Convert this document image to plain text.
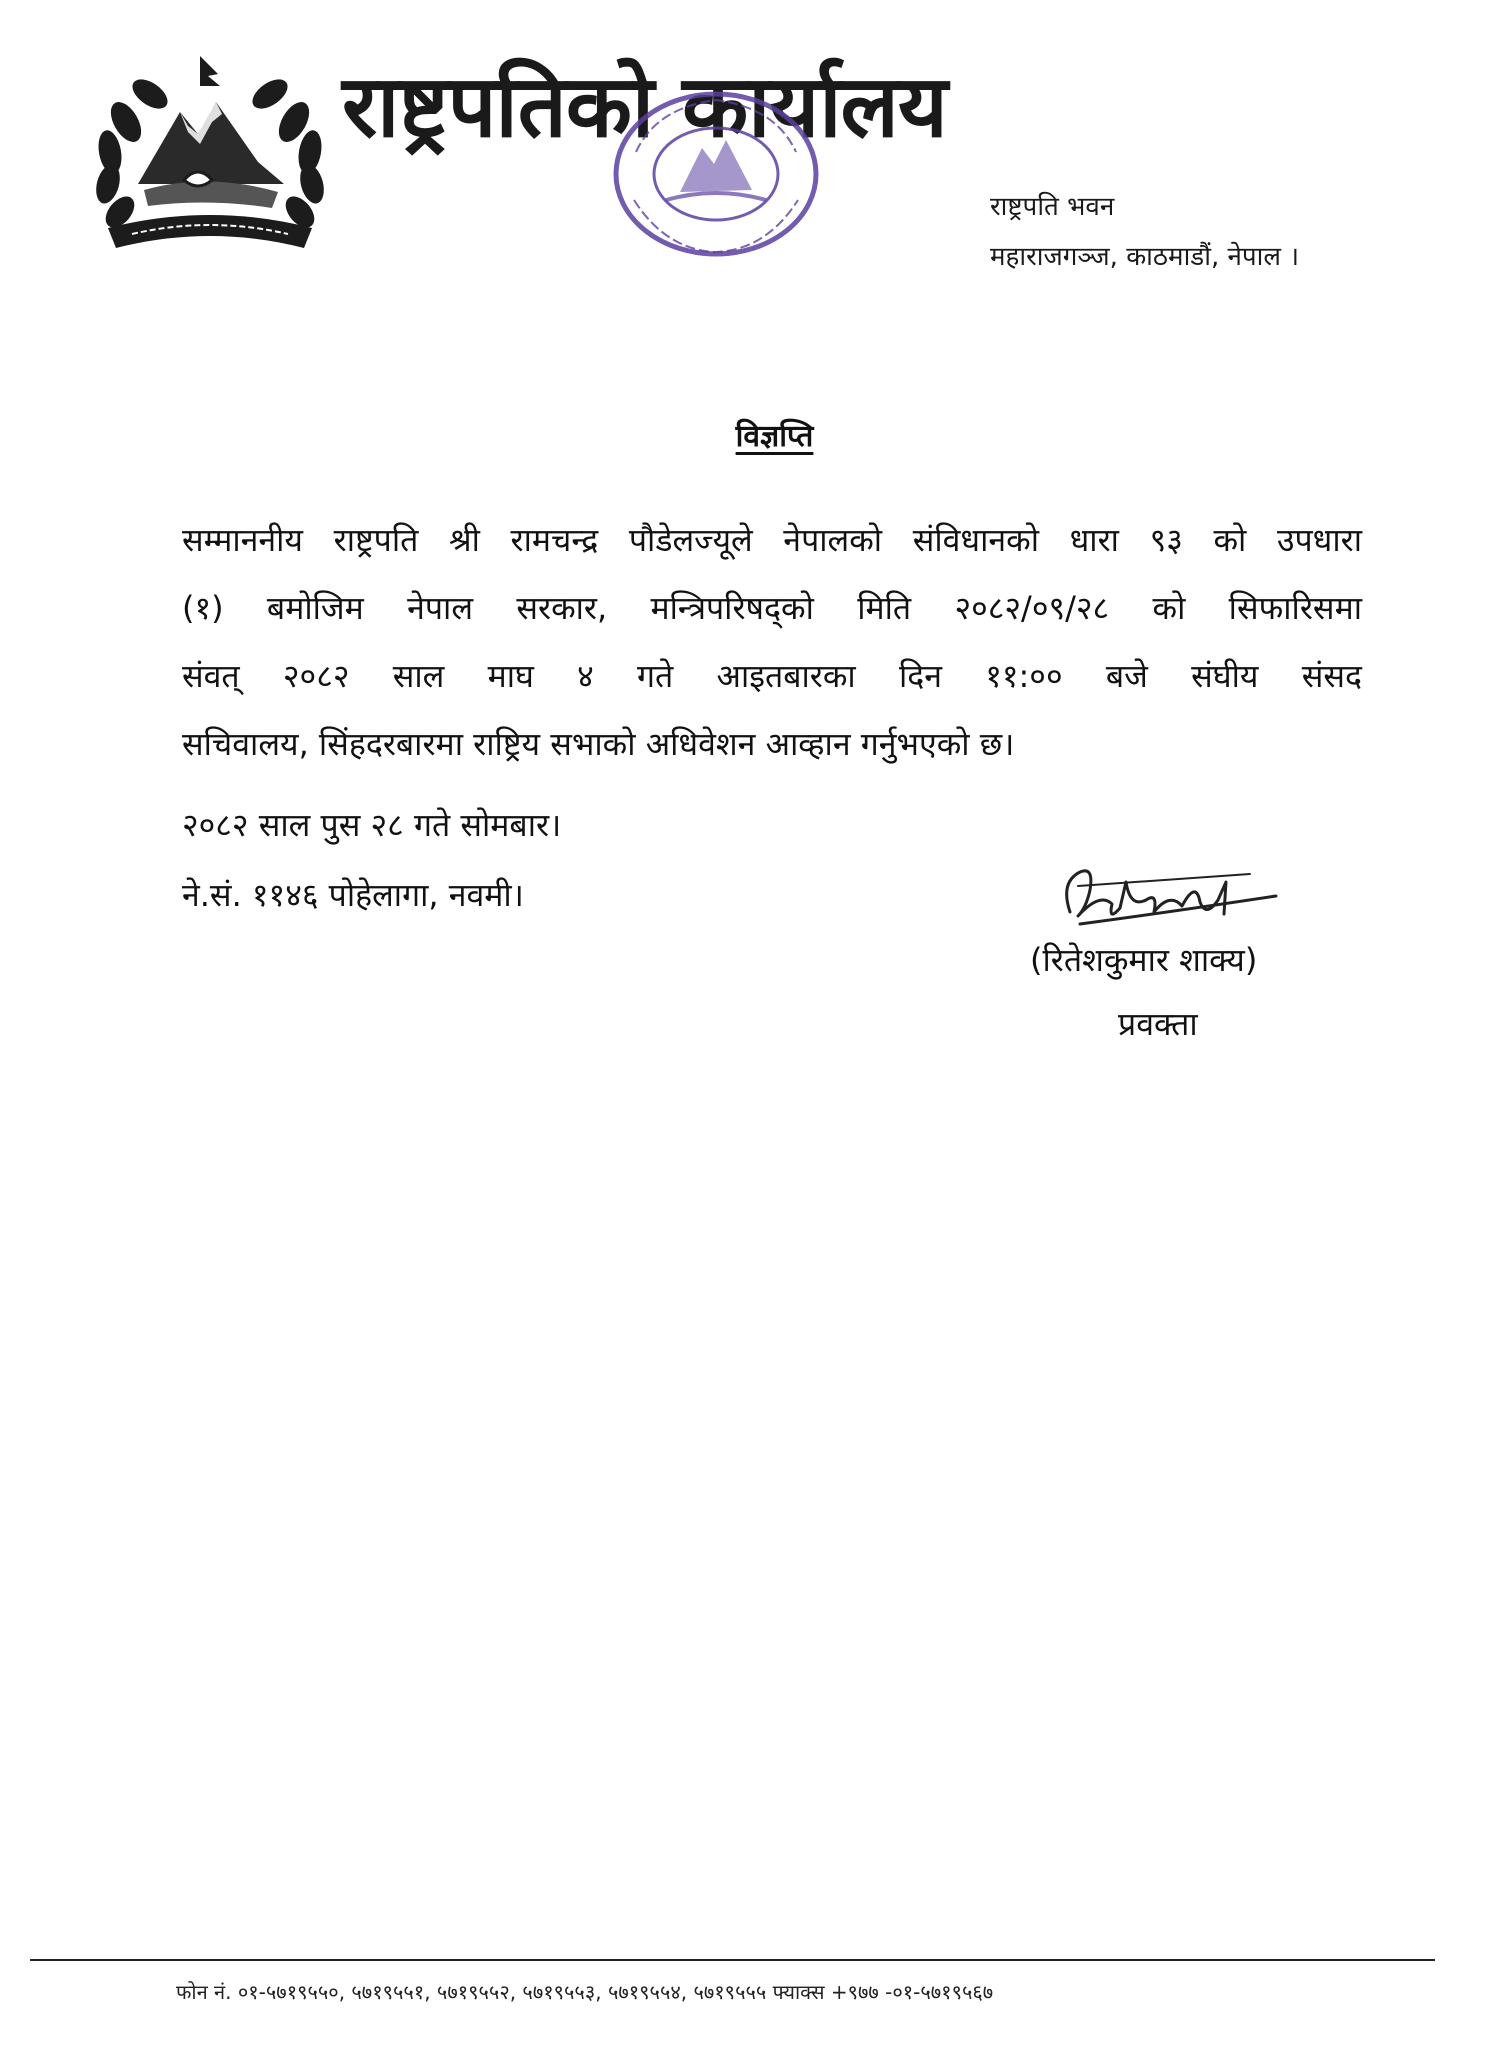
राष्ट्रपतिको कार्यालय
राष्ट्रपति भवन
महाराजगञ्ज, काठमाडौं, नेपाल ।
विज्ञप्ति
सम्माननीय राष्ट्रपति श्री रामचन्द्र पौडेलज्यूले नेपालको संविधानको धारा ९३ को उपधारा
(१) बमोजिम नेपाल सरकार, मन्त्रिपरिषद्को मिति २०८२/०९/२८ को सिफारिसमा
संवत् २०८२ साल माघ ४ गते आइतबारका दिन ११:०० बजे संघीय संसद
सचिवालय, सिंहदरबारमा राष्ट्रिय सभाको अधिवेशन आव्हान गर्नुभएको छ।
२०८२ साल पुस २८ गते सोमबार।
ने.सं. ११४६ पोहेलागा, नवमी।
(रितेशकुमार शाक्य)
प्रवक्ता
फोन नं. ०१-५७१९५५०, ५७१९५५१, ५७१९५५२, ५७१९५५३, ५७१९५५४, ५७१९५५५ फ्याक्स +९७७ -०१-५७१९५६७
